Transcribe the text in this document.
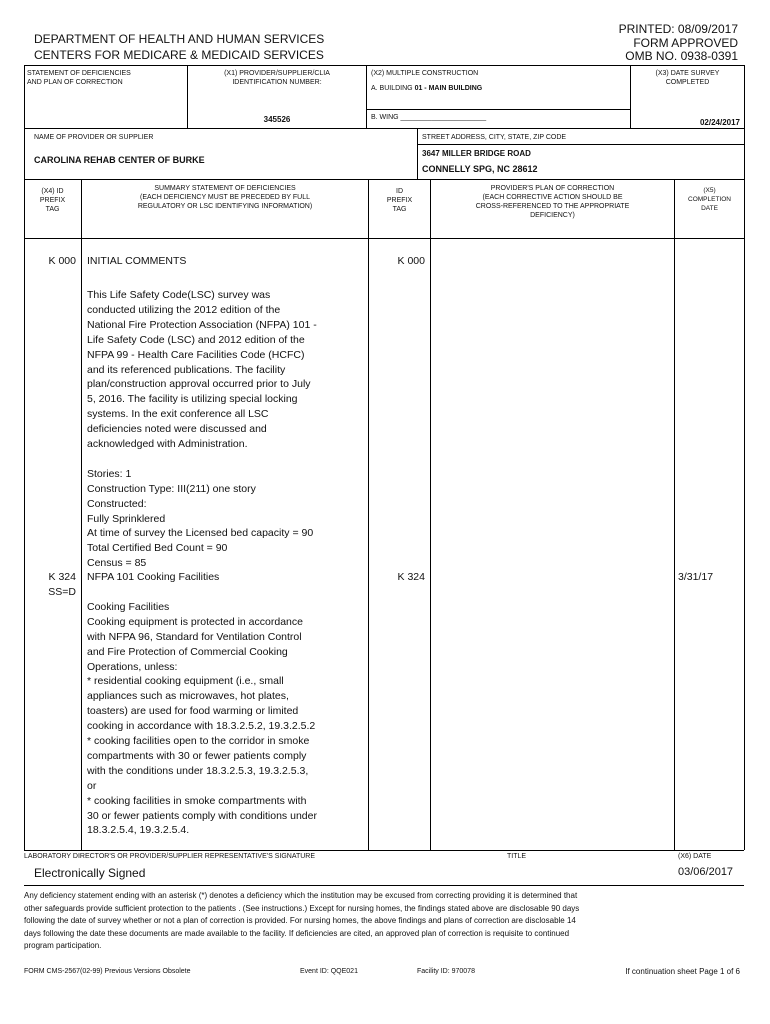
DEPARTMENT OF HEALTH AND HUMAN SERVICES
CENTERS FOR MEDICARE & MEDICAID SERVICES
PRINTED: 08/09/2017
FORM APPROVED
OMB NO. 0938-0391
STATEMENT OF DEFICIENCIES
AND PLAN OF CORRECTION
(X1) PROVIDER/SUPPLIER/CLIA
IDENTIFICATION NUMBER:
345526
(X2) MULTIPLE CONSTRUCTION
A. BUILDING 01 - MAIN BUILDING
B. WING ______________________
(X3) DATE SURVEY
COMPLETED
02/24/2017
NAME OF PROVIDER OR SUPPLIER
CAROLINA REHAB CENTER OF BURKE
STREET ADDRESS, CITY, STATE, ZIP CODE
3647 MILLER BRIDGE ROAD
CONNELLY SPG, NC 28612
(X4) ID
PREFIX
TAG
SUMMARY STATEMENT OF DEFICIENCIES
(EACH DEFICIENCY MUST BE PRECEDED BY FULL
REGULATORY OR LSC IDENTIFYING INFORMATION)
ID
PREFIX
TAG
PROVIDER'S PLAN OF CORRECTION
(EACH CORRECTIVE ACTION SHOULD BE
CROSS-REFERENCED TO THE APPROPRIATE
DEFICIENCY)
(X5)
COMPLETION
DATE
K 000 INITIAL COMMENTS	K 000
This Life Safety Code(LSC) survey was
conducted utilizing the 2012 edition of the
National Fire Protection Association (NFPA) 101 -
Life Safety Code (LSC) and 2012 edition of the
NFPA 99 - Health Care Facilities Code (HCFC)
and its referenced publications. The facility
plan/construction approval occurred prior to July
5, 2016. The facility is utilizing special locking
systems. In the exit conference all LSC
deficiencies noted were discussed and
acknowledged with Administration.
Stories: 1
Construction Type: III(211) one story
Constructed:
Fully Sprinklered
At time of survey the Licensed bed capacity = 90
Total Certified Bed Count = 90
Census = 85
K 324
SS=D
NFPA 101 Cooking Facilities	K 324	3/31/17
Cooking Facilities
Cooking equipment is protected in accordance
with NFPA 96, Standard for Ventilation Control
and Fire Protection of Commercial Cooking
Operations, unless:
* residential cooking equipment (i.e., small
appliances such as microwaves, hot plates,
toasters) are used for food warming or limited
cooking in accordance with 18.3.2.5.2, 19.3.2.5.2
* cooking facilities open to the corridor in smoke
compartments with 30 or fewer patients comply
with the conditions under 18.3.2.5.3, 19.3.2.5.3,
or
* cooking facilities in smoke compartments with
30 or fewer patients comply with conditions under
18.3.2.5.4, 19.3.2.5.4.
LABORATORY DIRECTOR'S OR PROVIDER/SUPPLIER REPRESENTATIVE'S SIGNATURE	TITLE	(X6) DATE
Electronically Signed	03/06/2017
Any deficiency statement ending with an asterisk (*) denotes a deficiency which the institution may be excused from correcting providing it is determined that
other safeguards provide sufficient protection to the patients . (See instructions.) Except for nursing homes, the findings stated above are disclosable 90 days
following the date of survey whether or not a plan of correction is provided. For nursing homes, the above findings and plans of correction are disclosable 14
days following the date these documents are made available to the facility. If deficiencies are cited, an approved plan of correction is requisite to continued
program participation.
FORM CMS-2567(02-99) Previous Versions Obsolete	Event ID: QQE021	Facility ID: 970078	If continuation sheet Page 1 of 6
